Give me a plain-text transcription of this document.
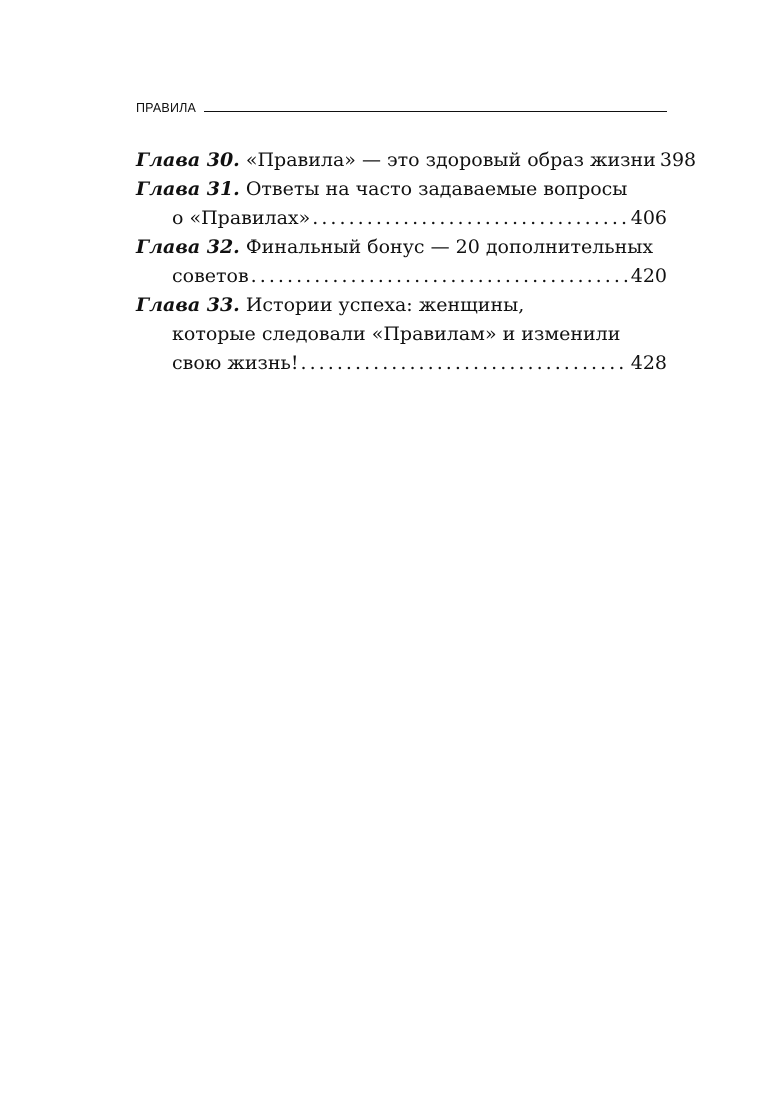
ПРАВИЛА
Глава 30. «Правила» — это здоровый образ жизни 398
Глава 31. Ответы на часто задаваемые вопросы
о «Правилах» . . .	406
Глава 32. Финальный бонус — 20 дополнительных
советов . . .	420
Глава 33. Истории успеха: женщины,
которые следовали «Правилам» и изменили
свою жизнь! . . .	428
